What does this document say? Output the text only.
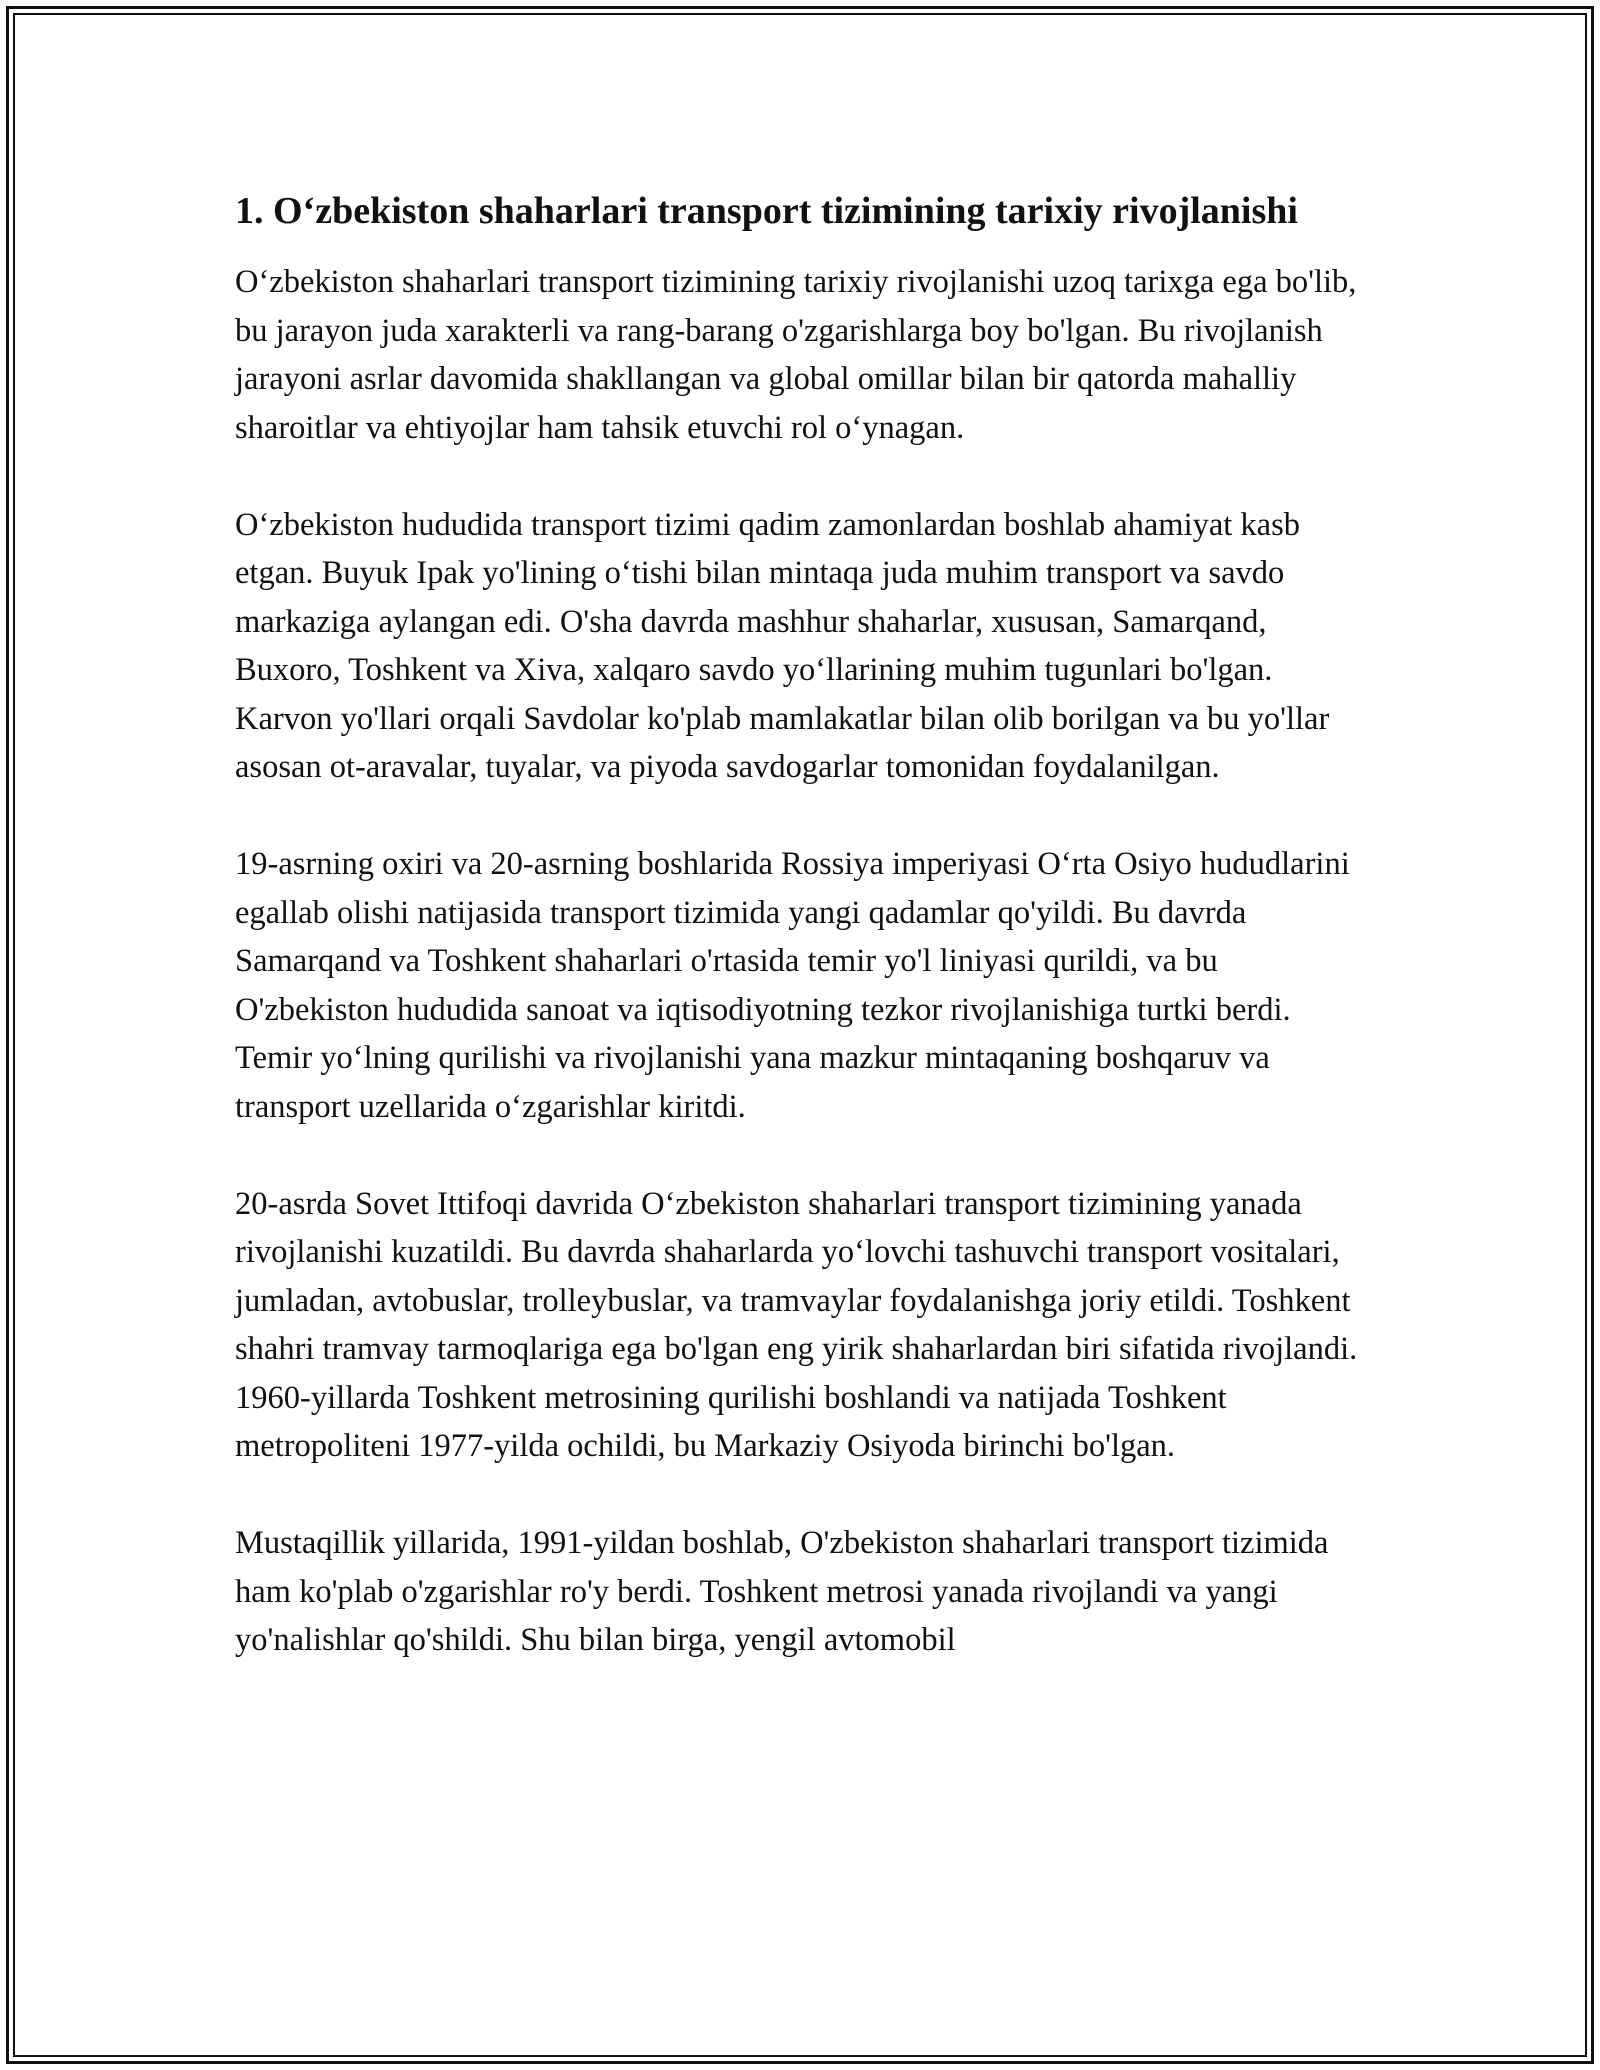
1. O‘zbekiston shaharlari transport tizimining tarixiy rivojlanishi

O‘zbekiston shaharlari transport tizimining tarixiy rivojlanishi uzoq tarixga ega bo'lib, bu jarayon juda xarakterli va rang-barang o'zgarishlarga boy bo'lgan. Bu rivojlanish jarayoni asrlar davomida shakllangan va global omillar bilan bir qatorda mahalliy sharoitlar va ehtiyojlar ham tahsik etuvchi rol o‘ynagan.

O‘zbekiston hududida transport tizimi qadim zamonlardan boshlab ahamiyat kasb etgan. Buyuk Ipak yo'lining o‘tishi bilan mintaqa juda muhim transport va savdo markaziga aylangan edi. O'sha davrda mashhur shaharlar, xususan, Samarqand, Buxoro, Toshkent va Xiva, xalqaro savdo yo‘llarining muhim tugunlari bo'lgan. Karvon yo'llari orqali Savdolar ko'plab mamlakatlar bilan olib borilgan va bu yo'llar asosan ot-aravalar, tuyalar, va piyoda savdogarlar tomonidan foydalanilgan.

19-asrning oxiri va 20-asrning boshlarida Rossiya imperiyasi O‘rta Osiyo hududlarini egallab olishi natijasida transport tizimida yangi qadamlar qo'yildi. Bu davrda Samarqand va Toshkent shaharlari o'rtasida temir yo'l liniyasi qurildi, va bu O'zbekiston hududida sanoat va iqtisodiyotning tezkor rivojlanishiga turtki berdi. Temir yo‘lning qurilishi va rivojlanishi yana mazkur mintaqaning boshqaruv va transport uzellarida o‘zgarishlar kiritdi.

20-asrda Sovet Ittifoqi davrida O‘zbekiston shaharlari transport tizimining yanada rivojlanishi kuzatildi. Bu davrda shaharlarda yo‘lovchi tashuvchi transport vositalari, jumladan, avtobuslar, trolleybuslar, va tramvaylar foydalanishga joriy etildi. Toshkent shahri tramvay tarmoqlariga ega bo'lgan eng yirik shaharlardan biri sifatida rivojlandi. 1960-yillarda Toshkent metrosining qurilishi boshlandi va natijada Toshkent metropoliteni 1977-yilda ochildi, bu Markaziy Osiyoda birinchi bo'lgan.

Mustaqillik yillarida, 1991-yildan boshlab, O'zbekiston shaharlari transport tizimida ham ko'plab o'zgarishlar ro'y berdi. Toshkent metrosi yanada rivojlandi va yangi yo'nalishlar qo'shildi. Shu bilan birga, yengil avtomobil
